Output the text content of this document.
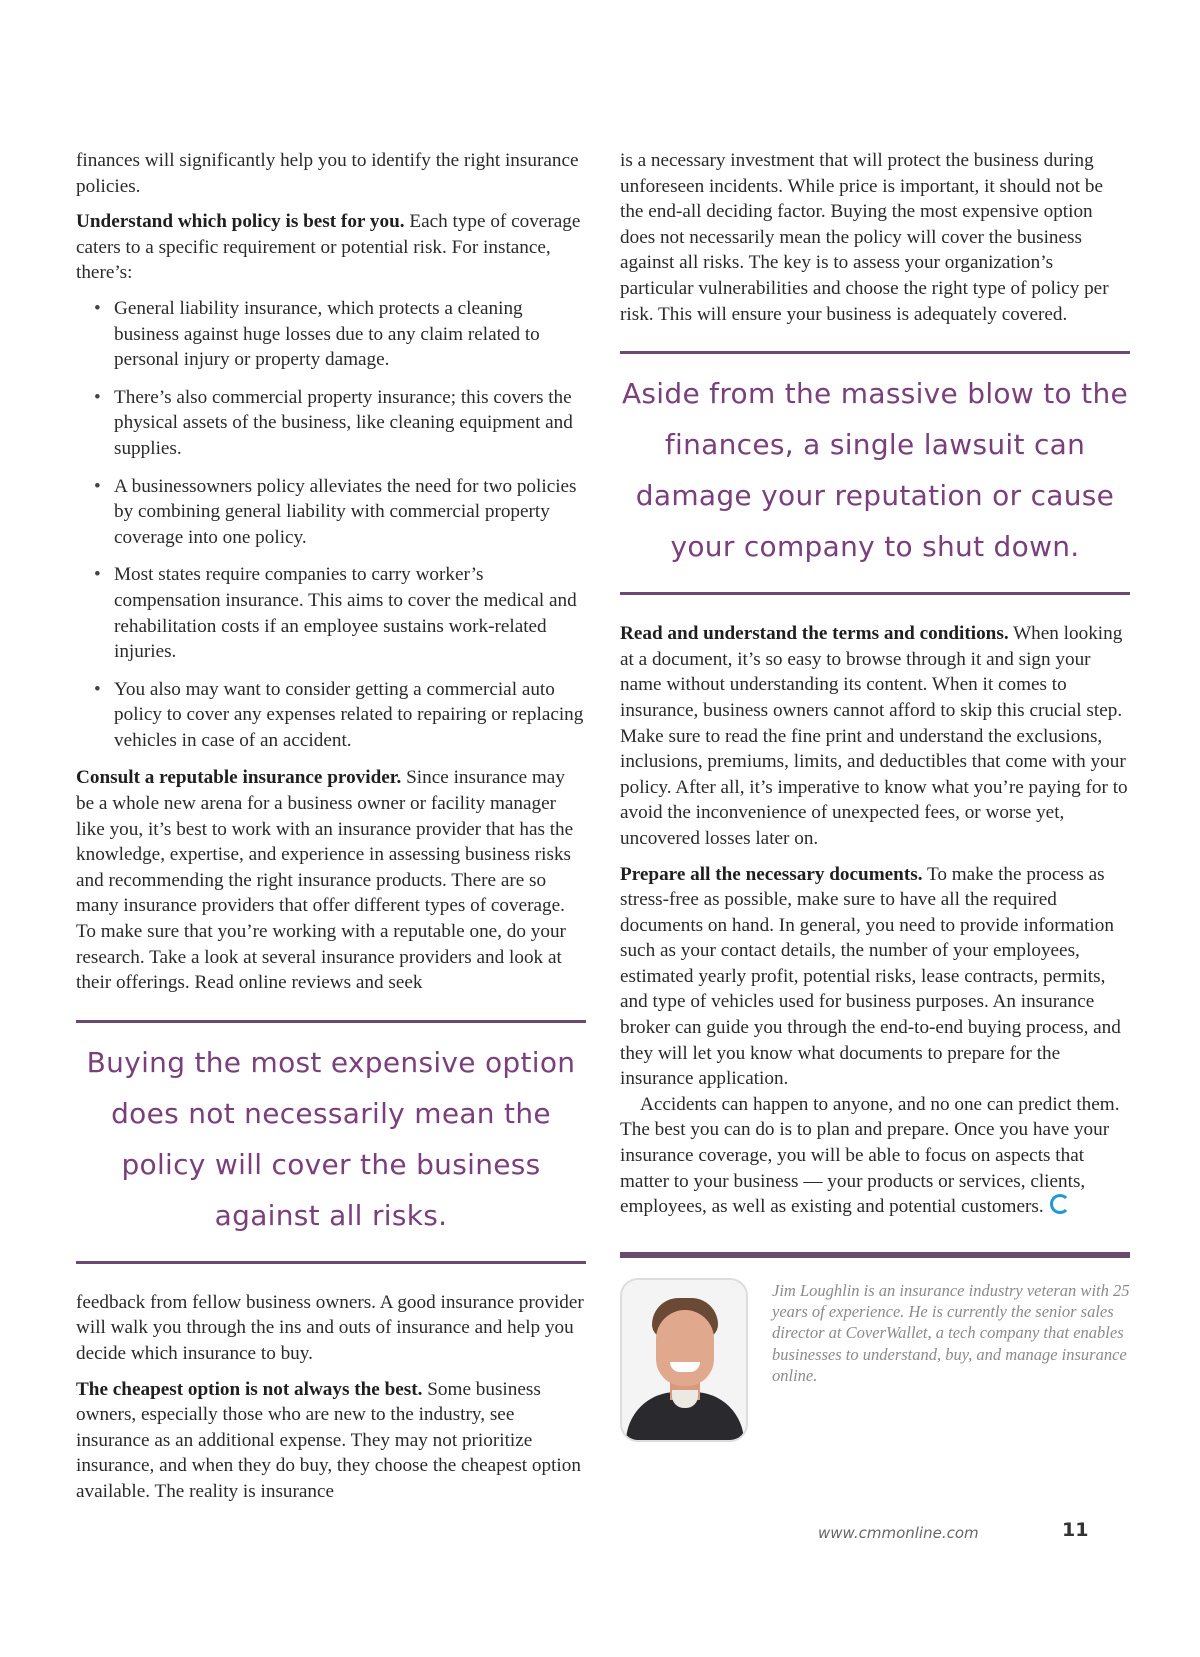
finances will significantly help you to identify the right insurance policies.

Understand which policy is best for you. Each type of coverage caters to a specific requirement or potential risk. For instance, there’s:

• General liability insurance, which protects a cleaning business against huge losses due to any claim related to personal injury or property damage.
• There’s also commercial property insurance; this covers the physical assets of the business, like cleaning equipment and supplies.
• A businessowners policy alleviates the need for two policies by combining general liability with commercial property coverage into one policy.
• Most states require companies to carry worker’s compensation insurance. This aims to cover the medical and rehabilitation costs if an employee sustains work-related injuries.
• You also may want to consider getting a commercial auto policy to cover any expenses related to repairing or replacing vehicles in case of an accident.

Consult a reputable insurance provider. Since insurance may be a whole new arena for a business owner or facility manager like you, it’s best to work with an insurance provider that has the knowledge, expertise, and experience in assessing business risks and recommending the right insurance products. There are so many insurance providers that offer different types of coverage. To make sure that you’re working with a reputable one, do your research. Take a look at several insurance providers and look at their offerings. Read online reviews and seek

Buying the most expensive option does not necessarily mean the policy will cover the business against all risks.

feedback from fellow business owners. A good insurance provider will walk you through the ins and outs of insurance and help you decide which insurance to buy.

The cheapest option is not always the best. Some business owners, especially those who are new to the industry, see insurance as an additional expense. They may not prioritize insurance, and when they do buy, they choose the cheapest option available. The reality is insurance

is a necessary investment that will protect the business during unforeseen incidents. While price is important, it should not be the end-all deciding factor. Buying the most expensive option does not necessarily mean the policy will cover the business against all risks. The key is to assess your organization’s particular vulnerabilities and choose the right type of policy per risk. This will ensure your business is adequately covered.

Aside from the massive blow to the finances, a single lawsuit can damage your reputation or cause your company to shut down.

Read and understand the terms and conditions. When looking at a document, it’s so easy to browse through it and sign your name without understanding its content. When it comes to insurance, business owners cannot afford to skip this crucial step. Make sure to read the fine print and understand the exclusions, inclusions, premiums, limits, and deductibles that come with your policy. After all, it’s imperative to know what you’re paying for to avoid the inconvenience of unexpected fees, or worse yet, uncovered losses later on.

Prepare all the necessary documents. To make the process as stress-free as possible, make sure to have all the required documents on hand. In general, you need to provide information such as your contact details, the number of your employees, estimated yearly profit, potential risks, lease contracts, permits, and type of vehicles used for business purposes. An insurance broker can guide you through the end-to-end buying process, and they will let you know what documents to prepare for the insurance application.

Accidents can happen to anyone, and no one can predict them. The best you can do is to plan and prepare. Once you have your insurance coverage, you will be able to focus on aspects that matter to your business — your products or services, clients, employees, as well as existing and potential customers.

Jim Loughlin is an insurance industry veteran with 25 years of experience. He is currently the senior sales director at CoverWallet, a tech company that enables businesses to understand, buy, and manage insurance online.
www.cmmonline.com	11
